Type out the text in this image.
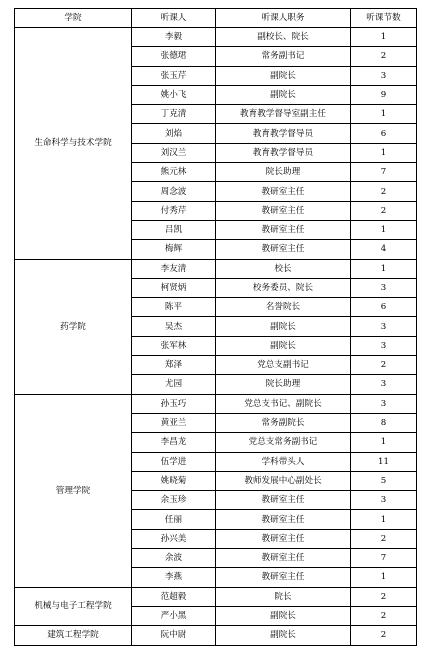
学院	听课人	听课人职务	听课节数
生命科学与技术学院	李毅	副校长、院长	1
	张德珺	常务副书记	2
	张玉芹	副院长	3
	姚小飞	副院长	9
	丁克清	教育教学督导室副主任	1
	刘焰	教育教学督导员	6
	刘汉兰	教育教学督导员	1
	熊元林	院长助理	7
	周念波	教研室主任	2
	付秀芹	教研室主任	2
	吕凯	教研室主任	1
	梅辉	教研室主任	4
药学院	李友清	校长	1
	柯贤炳	校务委员、院长	3
	陈平	名誉院长	6
	吴杰	副院长	3
	张军林	副院长	3
	郑泽	党总支副书记	2
	尤园	院长助理	3
管理学院	孙玉巧	党总支书记、副院长	3
	黄亚兰	常务副院长	8
	李昌龙	党总支常务副书记	1
	伍学进	学科带头人	11
	姚晓菊	教师发展中心副处长	5
	余玉珍	教研室主任	3
	任丽	教研室主任	1
	孙兴美	教研室主任	2
	余波	教研室主任	7
	李燕	教研室主任	1
机械与电子工程学院	范超毅	院长	2
	严小黑	副院长	2
建筑工程学院	阮中尉	副院长	2
